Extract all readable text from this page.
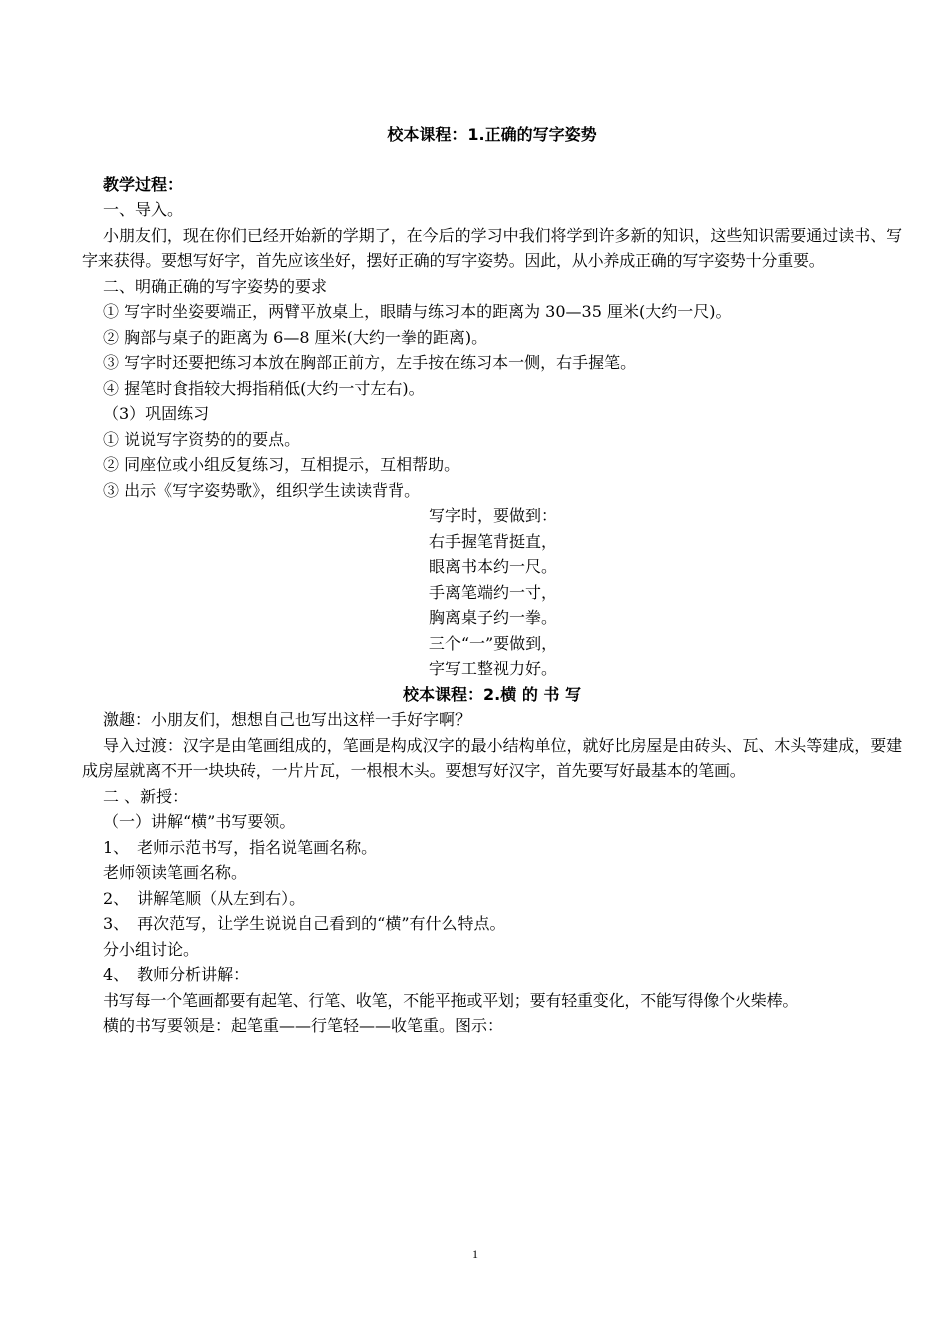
校本课程：1.正确的写字姿势
教学过程：
一、导入。
小朋友们，现在你们已经开始新的学期了，在今后的学习中我们将学到许多新的知识，这些知识需要通过读书、写字来获得。要想写好字，首先应该坐好，摆好正确的写字姿势。因此，从小养成正确的写字姿势十分重要。
二、明确正确的写字姿势的要求
① 写字时坐姿要端正，两臂平放桌上，眼睛与练习本的距离为 30—35 厘米(大约一尺)。
② 胸部与桌子的距离为 6—8 厘米(大约一拳的距离)。
③ 写字时还要把练习本放在胸部正前方，左手按在练习本一侧，右手握笔。
④ 握笔时食指较大拇指稍低(大约一寸左右)。
（3）巩固练习
① 说说写字资势的的要点。
② 同座位或小组反复练习，互相提示，互相帮助。
③ 出示《写字姿势歌》，组织学生读读背背。
写字时，要做到：
右手握笔背挺直，
眼离书本约一尺。
手离笔端约一寸，
胸离桌子约一拳。
三个“一”要做到，
字写工整视力好。
校本课程：2.横 的 书 写
激趣：小朋友们，想想自己也写出这样一手好字啊？
导入过渡：汉字是由笔画组成的，笔画是构成汉字的最小结构单位，就好比房屋是由砖头、瓦、木头等建成，要建成房屋就离不开一块块砖，一片片瓦，一根根木头。要想写好汉字，首先要写好最基本的笔画。
二 、新授：
（一）讲解“横”书写要领。
1、　老师示范书写，指名说笔画名称。
老师领读笔画名称。
2、　讲解笔顺（从左到右）。
3、　再次范写，让学生说说自己看到的“横”有什么特点。
分小组讨论。
4、　教师分析讲解：
书写每一个笔画都要有起笔、行笔、收笔，不能平拖或平划；要有轻重变化，不能写得像个火柴棒。
横的书写要领是：起笔重——行笔轻——收笔重。图示：
1
